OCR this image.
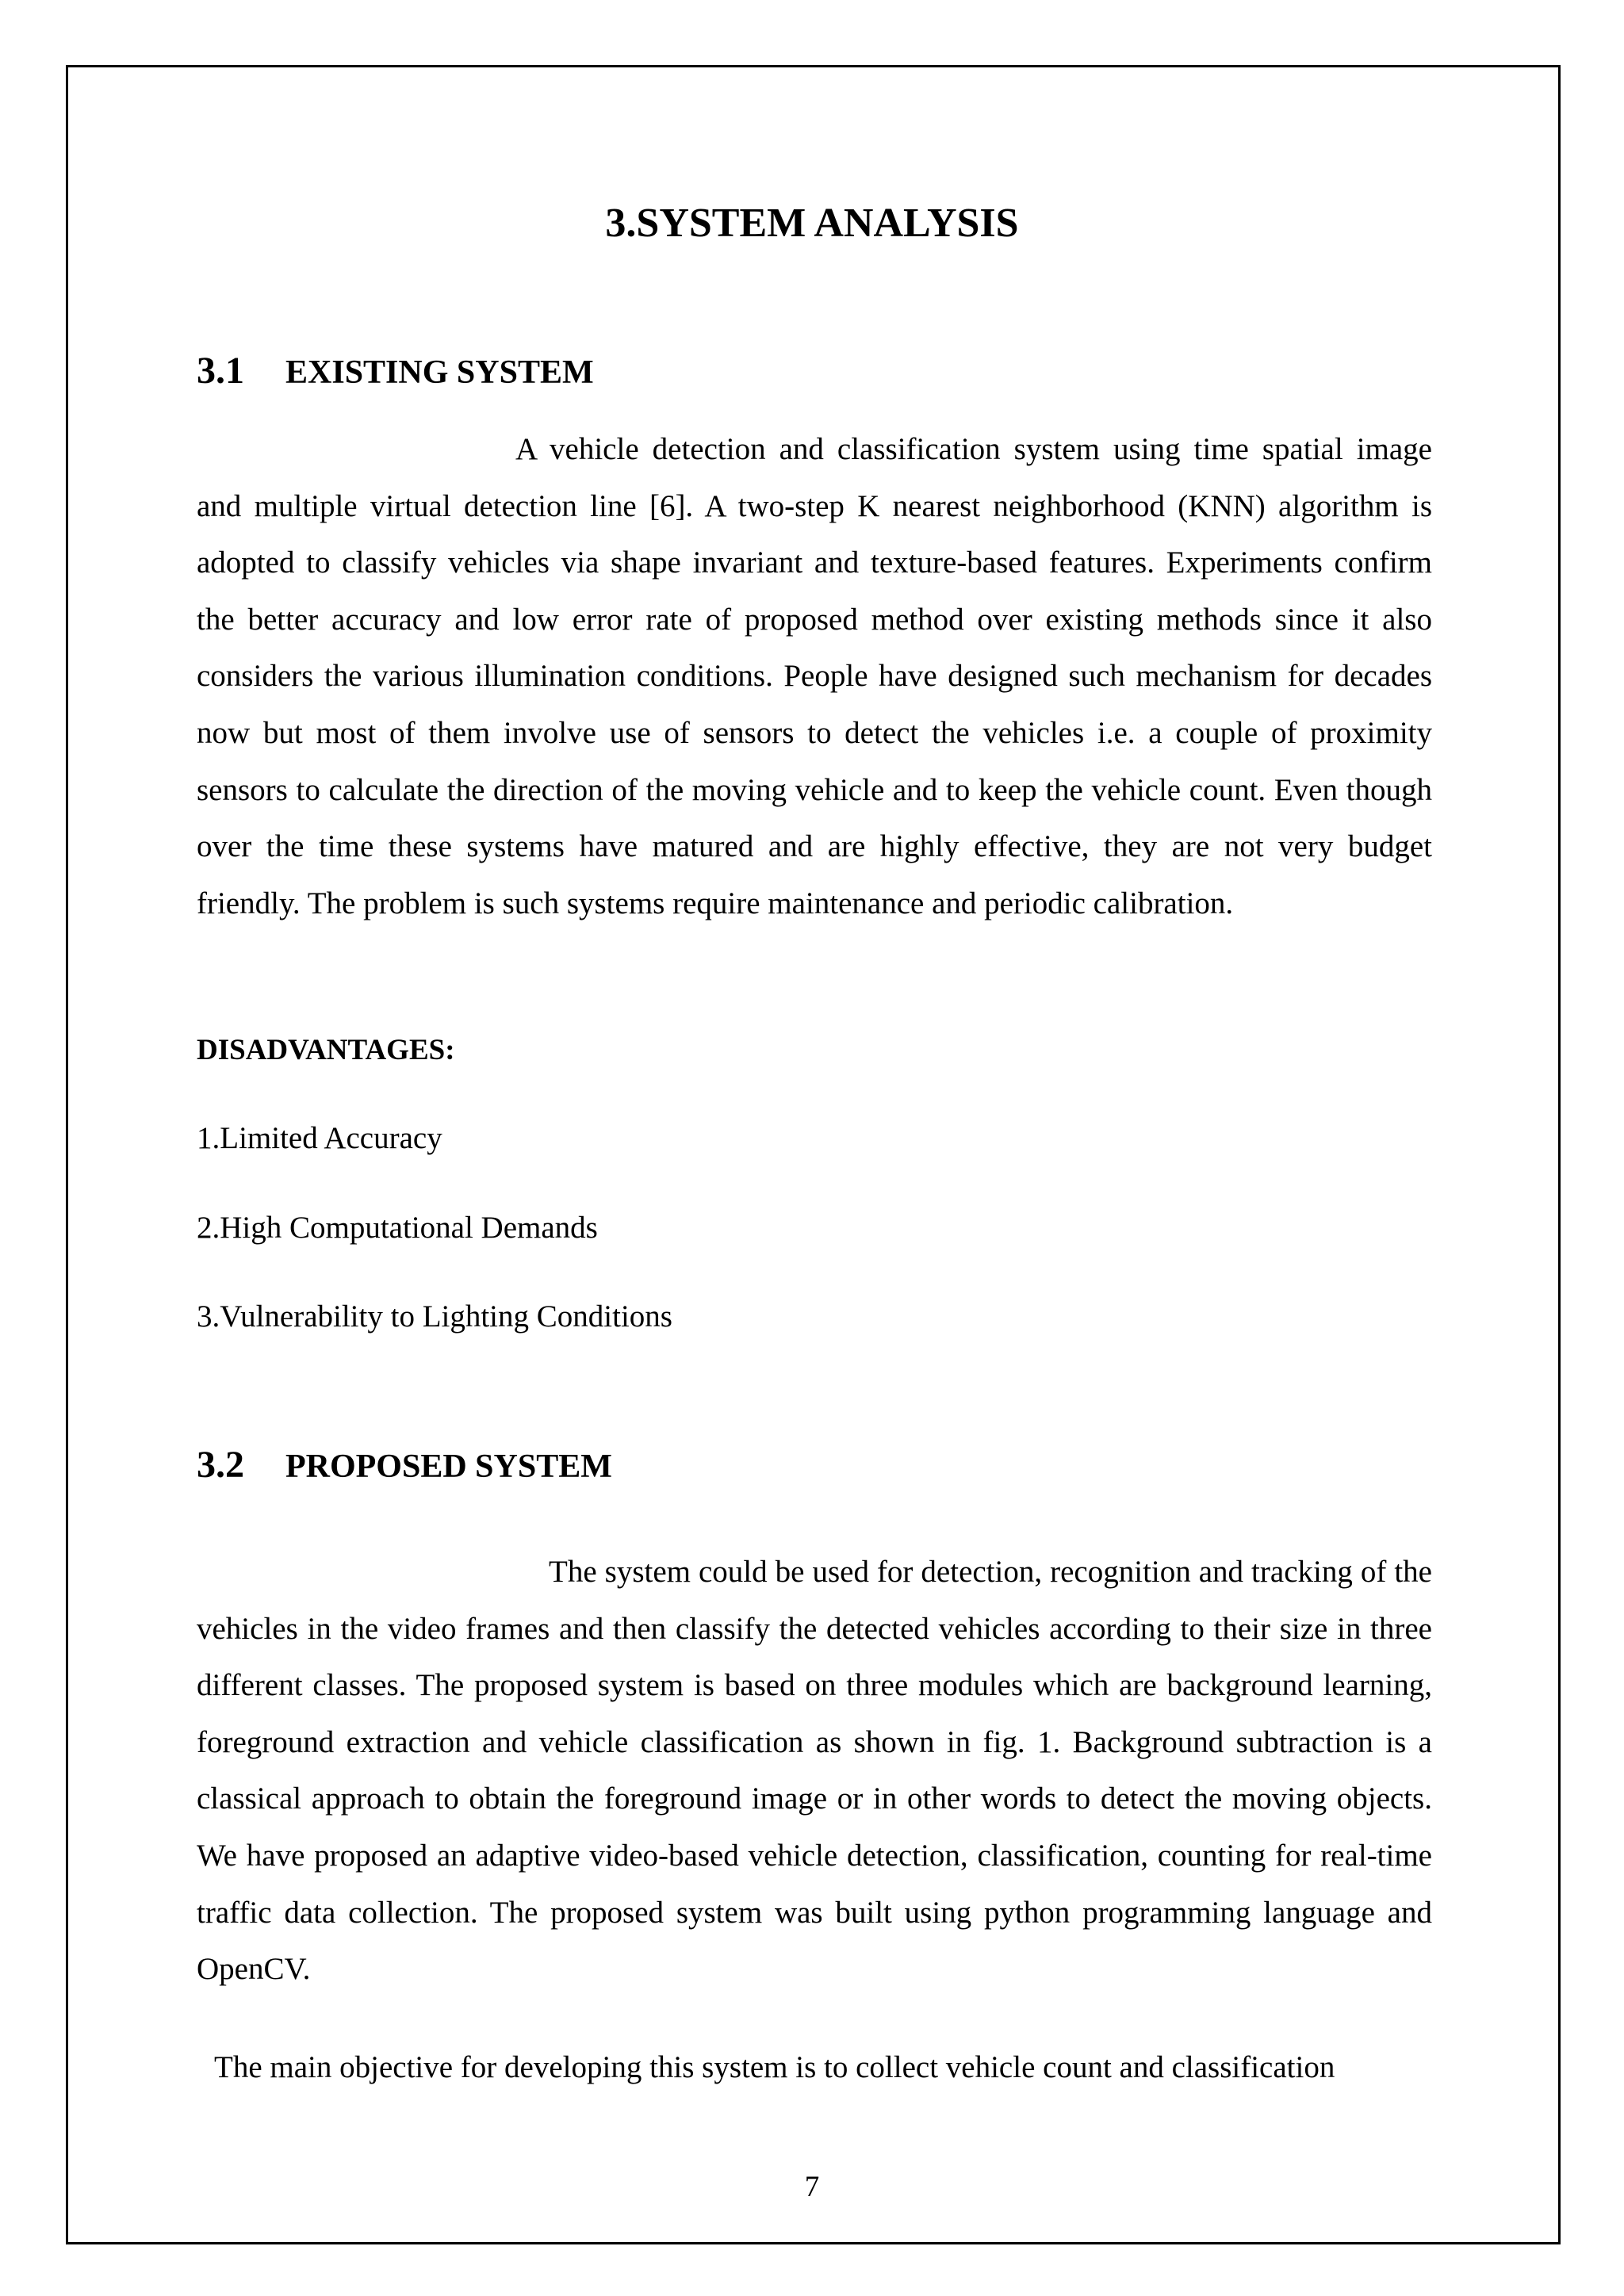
3.SYSTEM ANALYSIS
3.1 EXISTING SYSTEM

A vehicle detection and classification system using time spatial image and multiple virtual detection line [6]. A two-step K nearest neighborhood (KNN) algorithm is adopted to classify vehicles via shape invariant and texture-based features. Experiments confirm the better accuracy and low error rate of proposed method over existing methods since it also considers the various illumination conditions. People have designed such mechanism for decades now but most of them involve use of sensors to detect the vehicles i.e. a couple of proximity sensors to calculate the direction of the moving vehicle and to keep the vehicle count. Even though over the time these systems have matured and are highly effective, they are not very budget friendly. The problem is such systems require maintenance and periodic calibration.

DISADVANTAGES:
1.Limited Accuracy
2.High Computational Demands
3.Vulnerability to Lighting Conditions
3.2 PROPOSED SYSTEM

The system could be used for detection, recognition and tracking of the vehicles in the video frames and then classify the detected vehicles according to their size in three different classes. The proposed system is based on three modules which are background learning, foreground extraction and vehicle classification as shown in fig. 1. Background subtraction is a classical approach to obtain the foreground image or in other words to detect the moving objects. We have proposed an adaptive video-based vehicle detection, classification, counting for real-time traffic data collection. The proposed system was built using python programming language and OpenCV.

The main objective for developing this system is to collect vehicle count and classification

7
